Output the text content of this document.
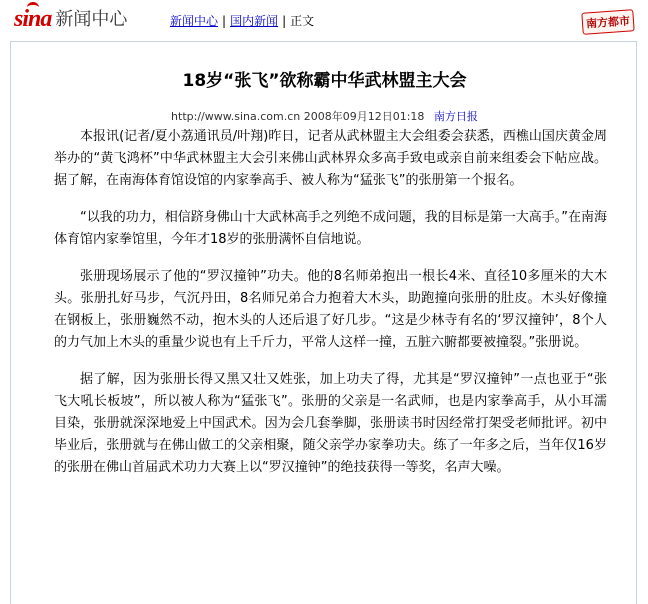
sina 新闻中心	新闻中心 | 国内新闻 | 正文	南方都市
18岁“张飞”欲称霸中华武林盟主大会
http://www.sina.com.cn 2008年09月12日01:18 南方日报

本报讯(记者/夏小荔通讯员/叶翔)昨日，记者从武林盟主大会组委会获悉，西樵山国庆黄金周举办的“黄飞鸿杯”中华武林盟主大会引来佛山武林界众多高手致电或亲自前来组委会下帖应战。据了解，在南海体育馆设馆的内家拳高手、被人称为“猛张飞”的张册第一个报名。

“以我的功力，相信跻身佛山十大武林高手之列绝不成问题，我的目标是第一大高手。”在南海体育馆内家拳馆里，今年才18岁的张册满怀自信地说。

张册现场展示了他的“罗汉撞钟”功夫。他的8名师弟抱出一根长4米、直径10多厘米的大木头。张册扎好马步，气沉丹田，8名师兄弟合力抱着大木头，助跑撞向张册的肚皮。木头好像撞在钢板上，张册巍然不动，抱木头的人还后退了好几步。“这是少林寺有名的‘罗汉撞钟’，8个人的力气加上木头的重量少说也有上千斤力，平常人这样一撞，五脏六腑都要被撞裂。”张册说。

据了解，因为张册长得又黑又壮又姓张，加上功夫了得，尤其是“罗汉撞钟”一点也亚于“张飞大吼长板坡”，所以被人称为“猛张飞”。张册的父亲是一名武师，也是内家拳高手，从小耳濡目染，张册就深深地爱上中国武术。因为会几套拳脚，张册读书时因经常打架受老师批评。初中毕业后，张册就与在佛山做工的父亲相聚，随父亲学办家拳功夫。练了一年多之后，当年仅16岁的张册在佛山首届武术功力大赛上以“罗汉撞钟”的绝技获得一等奖，名声大噪。
